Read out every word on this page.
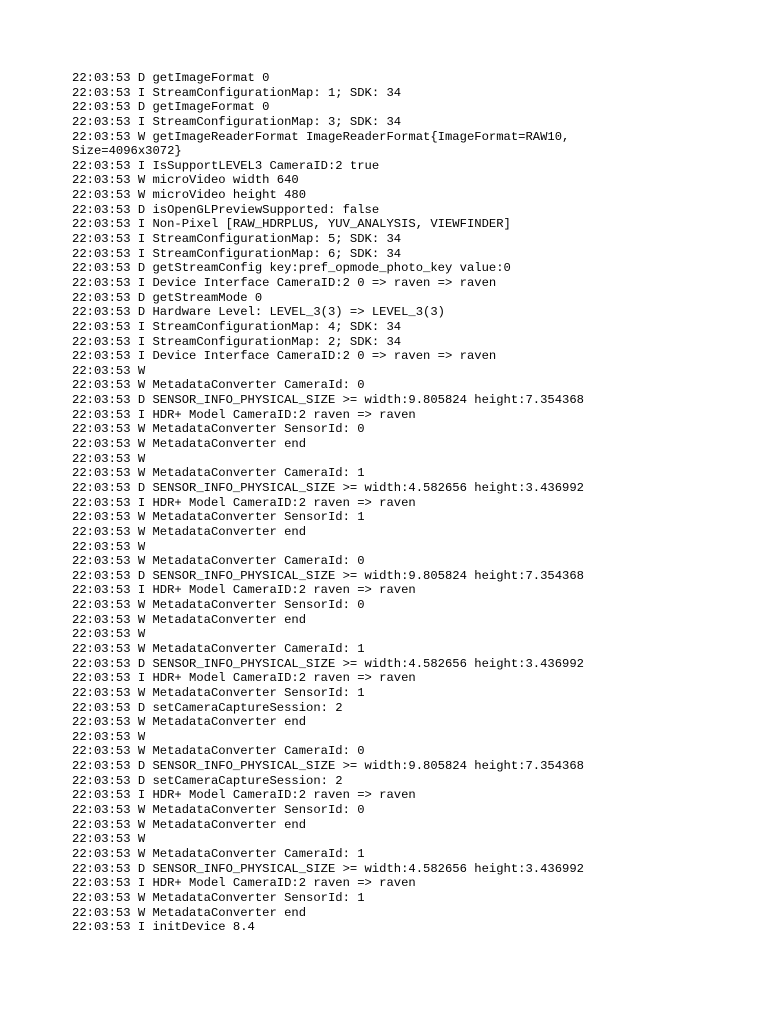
22:03:53 D getImageFormat 0
22:03:53 I StreamConfigurationMap: 1; SDK: 34
22:03:53 D getImageFormat 0
22:03:53 I StreamConfigurationMap: 3; SDK: 34
22:03:53 W getImageReaderFormat ImageReaderFormat{ImageFormat=RAW10,
Size=4096x3072}
22:03:53 I IsSupportLEVEL3 CameraID:2 true
22:03:53 W microVideo width 640
22:03:53 W microVideo height 480
22:03:53 D isOpenGLPreviewSupported: false
22:03:53 I Non-Pixel [RAW_HDRPLUS, YUV_ANALYSIS, VIEWFINDER]
22:03:53 I StreamConfigurationMap: 5; SDK: 34
22:03:53 I StreamConfigurationMap: 6; SDK: 34
22:03:53 D getStreamConfig key:pref_opmode_photo_key value:0
22:03:53 I Device Interface CameraID:2 0 => raven => raven
22:03:53 D getStreamMode 0
22:03:53 D Hardware Level: LEVEL_3(3) => LEVEL_3(3)
22:03:53 I StreamConfigurationMap: 4; SDK: 34
22:03:53 I StreamConfigurationMap: 2; SDK: 34
22:03:53 I Device Interface CameraID:2 0 => raven => raven
22:03:53 W
22:03:53 W MetadataConverter CameraId: 0
22:03:53 D SENSOR_INFO_PHYSICAL_SIZE >= width:9.805824 height:7.354368
22:03:53 I HDR+ Model CameraID:2 raven => raven
22:03:53 W MetadataConverter SensorId: 0
22:03:53 W MetadataConverter end
22:03:53 W
22:03:53 W MetadataConverter CameraId: 1
22:03:53 D SENSOR_INFO_PHYSICAL_SIZE >= width:4.582656 height:3.436992
22:03:53 I HDR+ Model CameraID:2 raven => raven
22:03:53 W MetadataConverter SensorId: 1
22:03:53 W MetadataConverter end
22:03:53 W
22:03:53 W MetadataConverter CameraId: 0
22:03:53 D SENSOR_INFO_PHYSICAL_SIZE >= width:9.805824 height:7.354368
22:03:53 I HDR+ Model CameraID:2 raven => raven
22:03:53 W MetadataConverter SensorId: 0
22:03:53 W MetadataConverter end
22:03:53 W
22:03:53 W MetadataConverter CameraId: 1
22:03:53 D SENSOR_INFO_PHYSICAL_SIZE >= width:4.582656 height:3.436992
22:03:53 I HDR+ Model CameraID:2 raven => raven
22:03:53 W MetadataConverter SensorId: 1
22:03:53 D setCameraCaptureSession: 2
22:03:53 W MetadataConverter end
22:03:53 W
22:03:53 W MetadataConverter CameraId: 0
22:03:53 D SENSOR_INFO_PHYSICAL_SIZE >= width:9.805824 height:7.354368
22:03:53 D setCameraCaptureSession: 2
22:03:53 I HDR+ Model CameraID:2 raven => raven
22:03:53 W MetadataConverter SensorId: 0
22:03:53 W MetadataConverter end
22:03:53 W
22:03:53 W MetadataConverter CameraId: 1
22:03:53 D SENSOR_INFO_PHYSICAL_SIZE >= width:4.582656 height:3.436992
22:03:53 I HDR+ Model CameraID:2 raven => raven
22:03:53 W MetadataConverter SensorId: 1
22:03:53 W MetadataConverter end
22:03:53 I initDevice 8.4
